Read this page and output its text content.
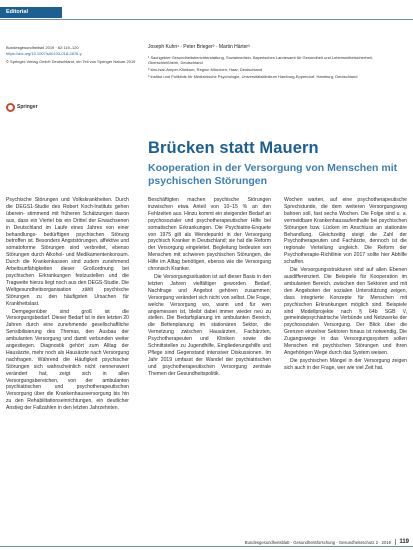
Editorial
Bundesgesundheitsbl 2019 · 62:119–120
https://doi.org/10.1007/s00103-018-2876-y
© Springer-Verlag GmbH Deutschland, ein Teil von Springer Nature 2019
Springer
Joseph Kuhn¹ · Peter Brieger² · Martin Härter³
¹ Sachgebiet Gesundheitsberichterstattung, Sozialmedizin, Bayerisches Landesamt für Gesundheit und Lebensmittelsicherheit, Oberschleißheim, Deutschland
² kbo-Isar-Amper-Klinikum, Region München, Haar, Deutschland
³ Institut und Poliklinik für Medizinische Psychologie, Universitätsklinikum Hamburg-Eppendorf, Hamburg, Deutschland
Brücken statt Mauern
Kooperation in der Versorgung von Menschen mit psychischen Störungen

Psychische Störungen und Volkskrankheiten. Durch die DEGS1-Studie des Robert Koch-Instituts gehen überein- stimmend mit früheren Schätzungen davon aus, dass ein Viertel bis ein Drittel der Erwachsenen in Deutschland im Laufe eines Jahres von einer behandlungs- bedürftigen psychischen Störung betroffen ist. Besonders Angststörungen, affektive und somatoforme Störungen sind verbreitet, ebenso Störungen durch Alkohol- und Medikamentenkonsum. Durch die Krankenkassen sind zudem zunehmend Arbeitsunfähigkeiten dieser Großordnung bei psychischen Erkrankungen festzustellen und die Tragweite hierzu liegt noch aus den DEGS-Studie. Die Weltgesundheitsorganisation zählt psychische Störungen zu den häufigsten Ursachen für Krankheitslast.

Demgegenüber sind groß ist die Versorgungsbedarf. Dieser Bedarf ist in den letzten 20 Jahren durch eine zunehmende gesellschaftliche Sensibilisierung des Themas, den Ausbau der ambulanten Versorgung und damit verbunden weiter angestiegen. Diagnostik gehört zum Alltag der Hausärzte, mehr noch als Hausärzte nach Versorgung nachfragen. Während die Häufigkeit psychischer Störungen sich wahrscheinlich nicht nennenswert verändert hat, zeigt sich in allen Versorgungsbereichen, von der ambulanten psychiatrischen und psychotherapeutischen Versorgung über die Krankenhausversorgung bis hin zu den Rehabilitationseinrichtungen, ein deutlicher Anstieg der Fallzahlen in den letzten Jahrzehnten.

Beschäftigten machen psychische Störungen inzwischen etwa Anteil von 10–15 % an den Fehlzeiten aus. Hinzu kommt ein steigender Bedarf an psychosozialer und psychotherapeutischer Hilfe bei somatischen Erkrankungen. Die Psychiatrie-Enquete von 1975 gilt als Wendepunkt in der Versorgung psychisch Kranker in Deutschland; sie hat die Reform der Versorgung eingeleitet. Begleitung bedeuten von Menschen mit schweren psychischen Störungen, die Hilfe im Alltag benötigen, ebenso wie die Versorgung chronisch Kranker.

Die Versorgungssituation ist auf dieser Basis in den letzten Jahren vielfältiger geworden. Bedarf, Nachfrage und Angebot gehören zusammen; Versorgung verändert sich nicht von selbst. Die Frage, welche Versorgung wo, wann und für wen angemessen ist, bleibt dabei immer wieder neu zu stellen. Die Bedarfsplanung im ambulanten Bereich, die Bettenplanung im stationären Sektor, die Vernetzung zwischen Hausärzten, Fachärzten, Psychotherapeuten und Kliniken sowie die Schnittstellen zu Jugendhilfe, Eingliederungshilfe und Pflege sind Gegenstand intensiver Diskussionen. Im Jahr 2019 umfasst der Wandel der psychiatrischen und psychotherapeutischen Versorgung zentrale Themen der Gesundheitspolitik.

Wochen warten, auf eine psychotherapeutische Sprechstunde, die dem weiteren Versorgungsweg bahnen soll, fast sechs Wochen. Die Folge sind u. a. vermeidbare Krankenhausaufenthalte bei psychischen Störungen bzw. Lücken im Anschluss an stationäre Behandlung. Gleichzeitig steigt die Zahl der Psychotherapeuten und Fachärzte, dennoch ist die regionale Verteilung ungleich. Die Reform der Psychotherapie-Richtlinie von 2017 sollte hier Abhilfe schaffen.

Die Versorgungsstrukturen sind auf allen Ebenen ausdifferenziert. Die Beispiele für Kooperation im ambulanten Bereich, zwischen den Sektoren und mit den Angeboten der sozialen Unterstützung zeigen, dass integrierte Konzepte für Menschen mit psychischen Erkrankungen möglich sind. Beispiele sind Modellprojekte nach § 64b SGB V, gemeindepsychiatrische Verbünde und Netzwerke der psychosozialen Versorgung. Der Blick über die Grenzen einzelner Sektoren hinaus ist notwendig. Die Zugangswege in das Versorgungssystem sollen Menschen mit psychischen Störungen und ihren Angehörigen Wege durch das System weisen.

Die psychischen Mängel in der Versorgung zeigen sich auch in der Frage, wer wie viel Zeit hat.

Bundesgesundheitsblatt - Gesundheitsforschung - Gesundheitsschutz 2 · 2019	119
